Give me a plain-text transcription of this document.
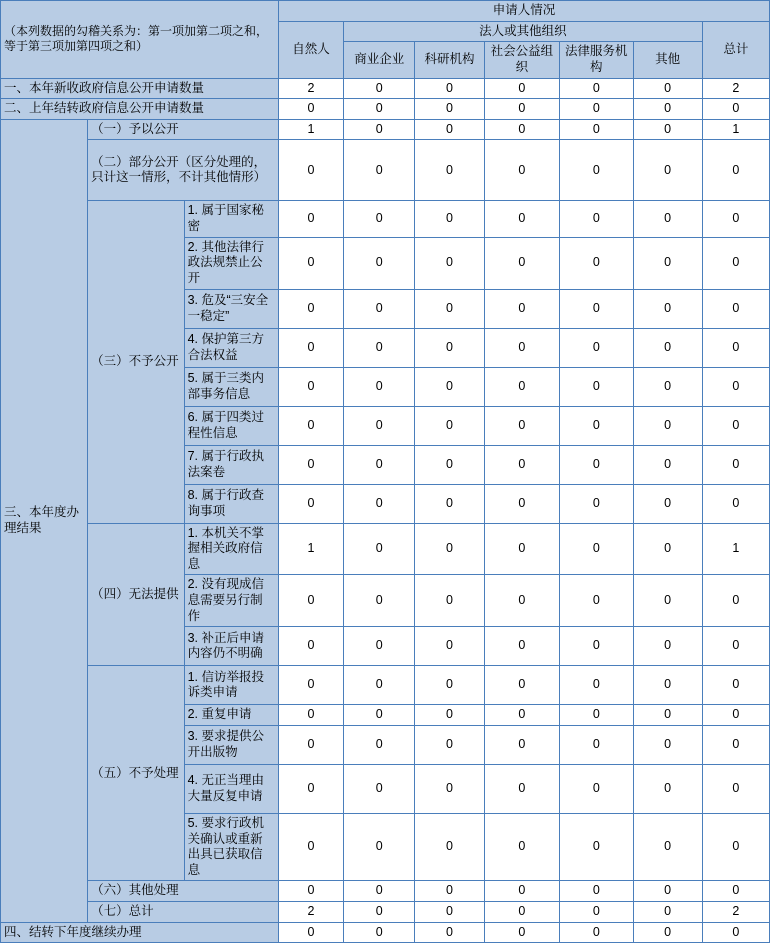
（本列数据的勾稽关系为：第一项加第二项之和，等于第三项加第四项之和）			申请人情况						
			自然人	法人或其他组织					总计
				商业企业	科研机构	社会公益组织	法律服务机构	其他	
一、本年新收政府信息公开申请数量			2	0	0	0	0	0	2
二、上年结转政府信息公开申请数量			0	0	0	0	0	0	0
三、本年度办理结果	（一）予以公开		1	0	0	0	0	0	1
	（二）部分公开（区分处理的，只计这一情形，不计其他情形）		0	0	0	0	0	0	0
	（三）不予公开	1. 属于国家秘密	0	0	0	0	0	0	0
		2. 其他法律行政法规禁止公开	0	0	0	0	0	0	0
		3. 危及“三安全一稳定”	0	0	0	0	0	0	0
		4. 保护第三方合法权益	0	0	0	0	0	0	0
		5. 属于三类内部事务信息	0	0	0	0	0	0	0
		6. 属于四类过程性信息	0	0	0	0	0	0	0
		7. 属于行政执法案卷	0	0	0	0	0	0	0
		8. 属于行政查询事项	0	0	0	0	0	0	0
	（四）无法提供	1. 本机关不掌握相关政府信息	1	0	0	0	0	0	1
		2. 没有现成信息需要另行制作	0	0	0	0	0	0	0
		3. 补正后申请内容仍不明确	0	0	0	0	0	0	0
	（五）不予处理	1. 信访举报投诉类申请	0	0	0	0	0	0	0
		2. 重复申请	0	0	0	0	0	0	0
		3. 要求提供公开出版物	0	0	0	0	0	0	0
		4. 无正当理由大量反复申请	0	0	0	0	0	0	0
		5. 要求行政机关确认或重新出具已获取信息	0	0	0	0	0	0	0
	（六）其他处理		0	0	0	0	0	0	0
	（七）总计		2	0	0	0	0	0	2
四、结转下年度继续办理			0	0	0	0	0	0	0
